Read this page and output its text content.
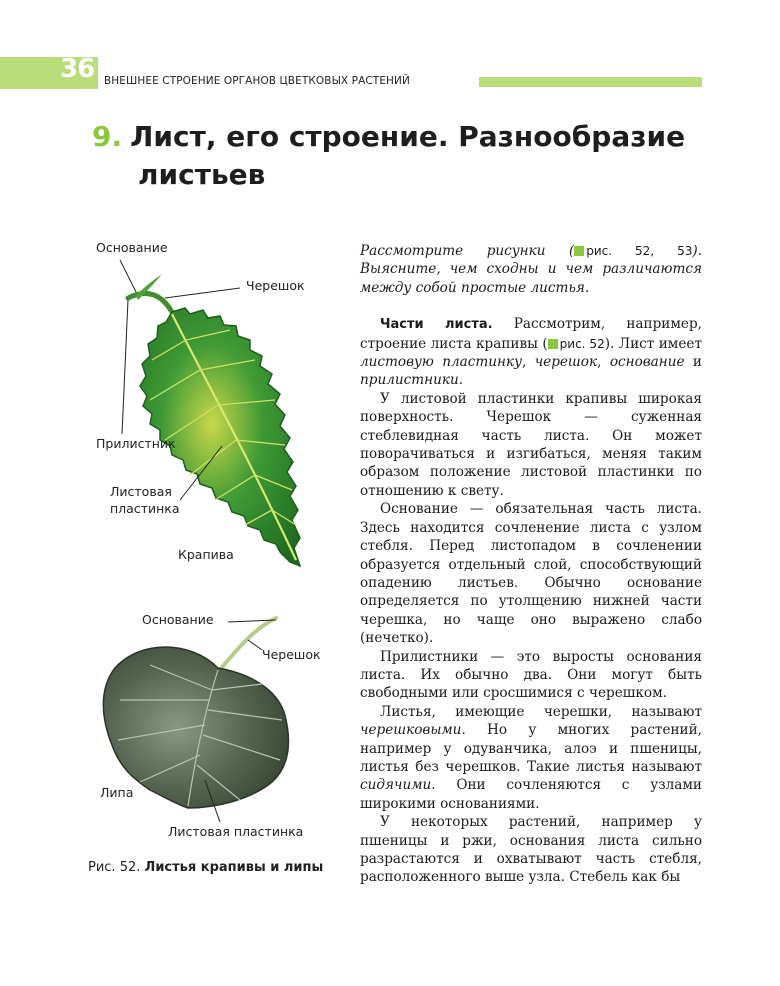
36 ВНЕШНЕЕ СТРОЕНИЕ ОРГАНОВ ЦВЕТКОВЫХ РАСТЕНИЙ
9. Лист, его строение. Разнообразие
листьев
Основание
Черешок
Прилистник
Листовая
пластинка
Крапива
Основание
Черешок
Липа
Листовая пластинка
Рис. 52. Листья крапивы и липы

Рассмотрите рисунки ( рис. 52, 53). Выясните, чем сходны и чем различаются между собой простые листья.

Части листа. Рассмотрим, например, строение листа крапивы ( рис. 52). Лист имеет листовую пластинку, черешок, основание и прилистники.

У листовой пластинки крапивы широкая поверхность. Черешок — суженная стеблевидная часть листа. Он может поворачиваться и изгибаться, меняя таким образом положение листовой пластинки по отношению к свету.

Основание — обязательная часть листа. Здесь находится сочленение листа с узлом стебля. Перед листопадом в сочленении образуется отдельный слой, способствующий опадению листьев. Обычно основание определяется по утолщению нижней части черешка, но чаще оно выражено слабо (нечетко).

Прилистники — это выросты основания листа. Их обычно два. Они могут быть свободными или сросшимися с черешком.

Листья, имеющие черешки, называют черешковыми. Но у многих растений, например у одуванчика, алоэ и пшеницы, листья без черешков. Такие листья называют сидячими. Они сочленяются с узлами широкими основаниями.

У некоторых растений, например у пшеницы и ржи, основания листа сильно разрастаются и охватывают часть стебля, расположенного выше узла. Стебель как бы
